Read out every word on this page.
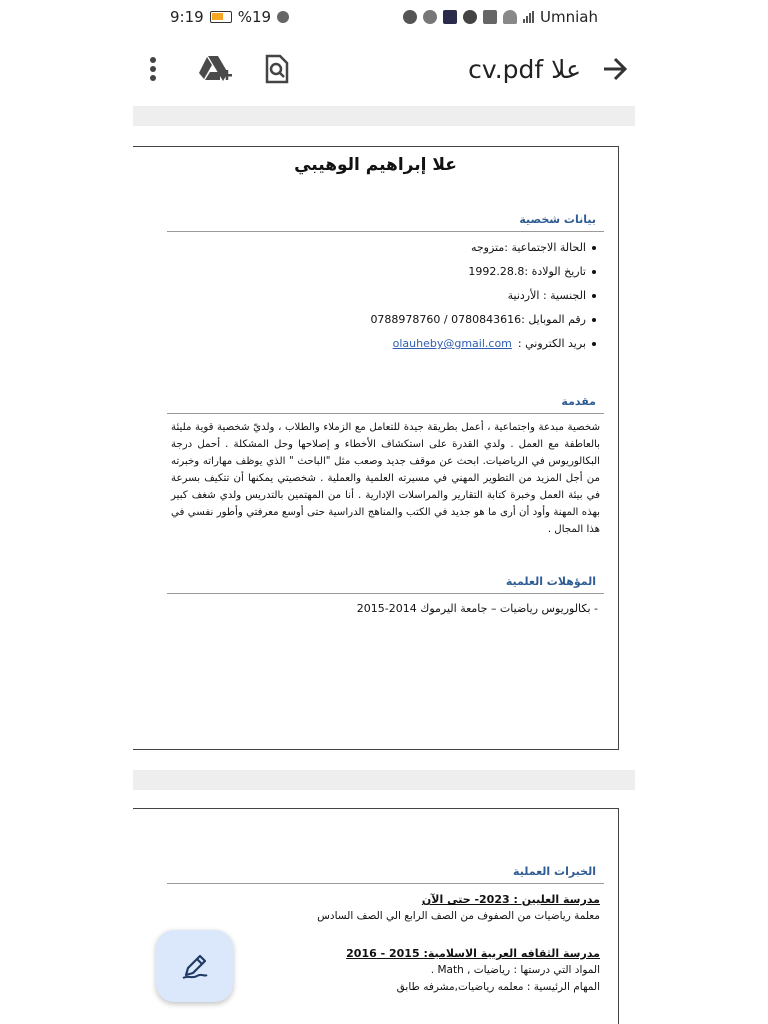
9:19 %19	Umniah
cv.pdf علا
علا إبراهيم الوهيبي
بيانات شخصية
الحالة الاجتماعية :متزوجه
تاريخ الولادة :1992.28.8
الجنسية : الأردنية
رقم الموبايل :0780843616 / 0788978760
بريد الكتروني :
olauheby@gmail.com
مقدمة
شخصية مبدعة واجتماعية ، أعمل بطريقة جيدة للتعامل مع الزملاء والطلاب ، ولديّ شخصية قوية مليئة بالعاطفة مع العمل . ولدي القدرة على استكشاف الأخطاء و إصلاحها وحل المشكلة . أحمل درجة البكالوريوس في الرياضيات. ابحث عن موقف جديد وصعب مثل "الباحث " الذي يوظف مهاراته وخبرته من أجل المزيد من التطوير المهني في مسيرته العلمية والعملية . شخصيتي يمكنها أن تتكيف بسرعة في بيئة العمل وخبرة كتابة التقارير والمراسلات الإدارية . أنا من المهتمين بالتدريس ولدي شغف كبير بهذه المهنة وأود أن أرى ما هو جديد في الكتب والمناهج الدراسية حتى أوسع معرفتي وأطور نفسي في هذا المجال .
المؤهلات العلمية
- بكالوريوس رياضيات – جامعة اليرموك 2014-2015
الخبرات العملية
مدرسة العليين : 2023- حتى الآن
معلمة رياضيات من الصفوف من الصف الرابع الي الصف السادس
مدرسة الثقافه العربية الاسلامية: 2015 - 2016
المواد التي درستها : رياضيات , Math .
المهام الرئيسية : معلمه رياضيات,مشرفه طابق
